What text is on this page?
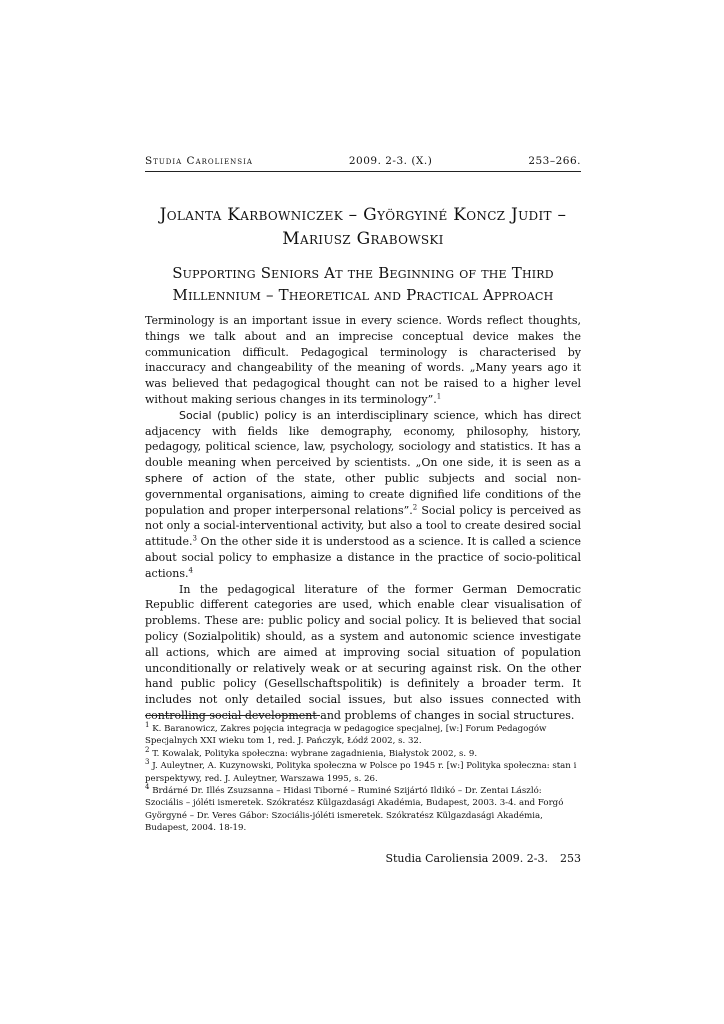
Studia Caroliensia	2009. 2-3. (X.)	253–266.
Jolanta Karbowniczek – Györgyiné Koncz Judit –
Mariusz Grabowski
Supporting Seniors At the Beginning of the Third
Millennium – Theoretical and Practical Approach

Terminology is an important issue in every science. Words reflect thoughts, things we talk about and an imprecise conceptual device makes the communication difficult. Pedagogical terminology is characterised by inaccuracy and changeability of the meaning of words. „Many years ago it was believed that pedagogical thought can not be raised to a higher level without making serious changes in its terminology”.$^1$

Social (public) policy is an interdisciplinary science, which has direct adjacency with fields like demography, economy, philosophy, history, pedagogy, political science, law, psychology, sociology and statistics. It has a double meaning when perceived by scientists. „On one side, it is seen as a sphere of action of the state, other public subjects and social non-governmental organisations, aiming to create dignified life conditions of the population and proper interpersonal relations”.$^2$ Social policy is perceived as not only a social-interventional activity, but also a tool to create desired social attitude.$^3$ On the other side it is understood as a science. It is called a science about social policy to emphasize a distance in the practice of socio-political actions.$^4$

In the pedagogical literature of the former German Democratic Republic different categories are used, which enable clear visualisation of problems. These are: public policy and social policy. It is believed that social policy (Sozialpolitik) should, as a system and autonomic science investigate all actions, which are aimed at improving social situation of population unconditionally or relatively weak or at securing against risk. On the other hand public policy (Gesellschaftspolitik) is definitely a broader term. It includes not only detailed social issues, but also issues connected with controlling social development and problems of changes in social structures.

$^1$ K. Baranowicz, Zakres pojęcia integracja w pedagogice specjalnej, [w:] Forum Pedagogów Specjalnych XXI wieku tom 1, red. J. Pańczyk, Łódź 2002, s. 32.

$^2$ T. Kowalak, Polityka społeczna: wybrane zagadnienia, Białystok 2002, s. 9.

$^3$ J. Auleytner, A. Kuzynowski, Polityka społeczna w Polsce po 1945 r. [w:] Polityka społeczna: stan i perspektywy, red. J. Auleytner, Warszawa 1995, s. 26.

$^4$ Brdárné Dr. Illés Zsuzsanna – Hidasi Tiborné – Ruminé Szijártó Ildikó – Dr. Zentai László: Szociális – jóléti ismeretek. Szókratész Külgazdasági Akadémia, Budapest, 2003. 3-4. and Forgó Györgyné – Dr. Veres Gábor: Szociális-jóléti ismeretek. Szókratész Külgazdasági Akadémia, Budapest, 2004. 18-19.

Studia Caroliensia 2009. 2-3. 253
